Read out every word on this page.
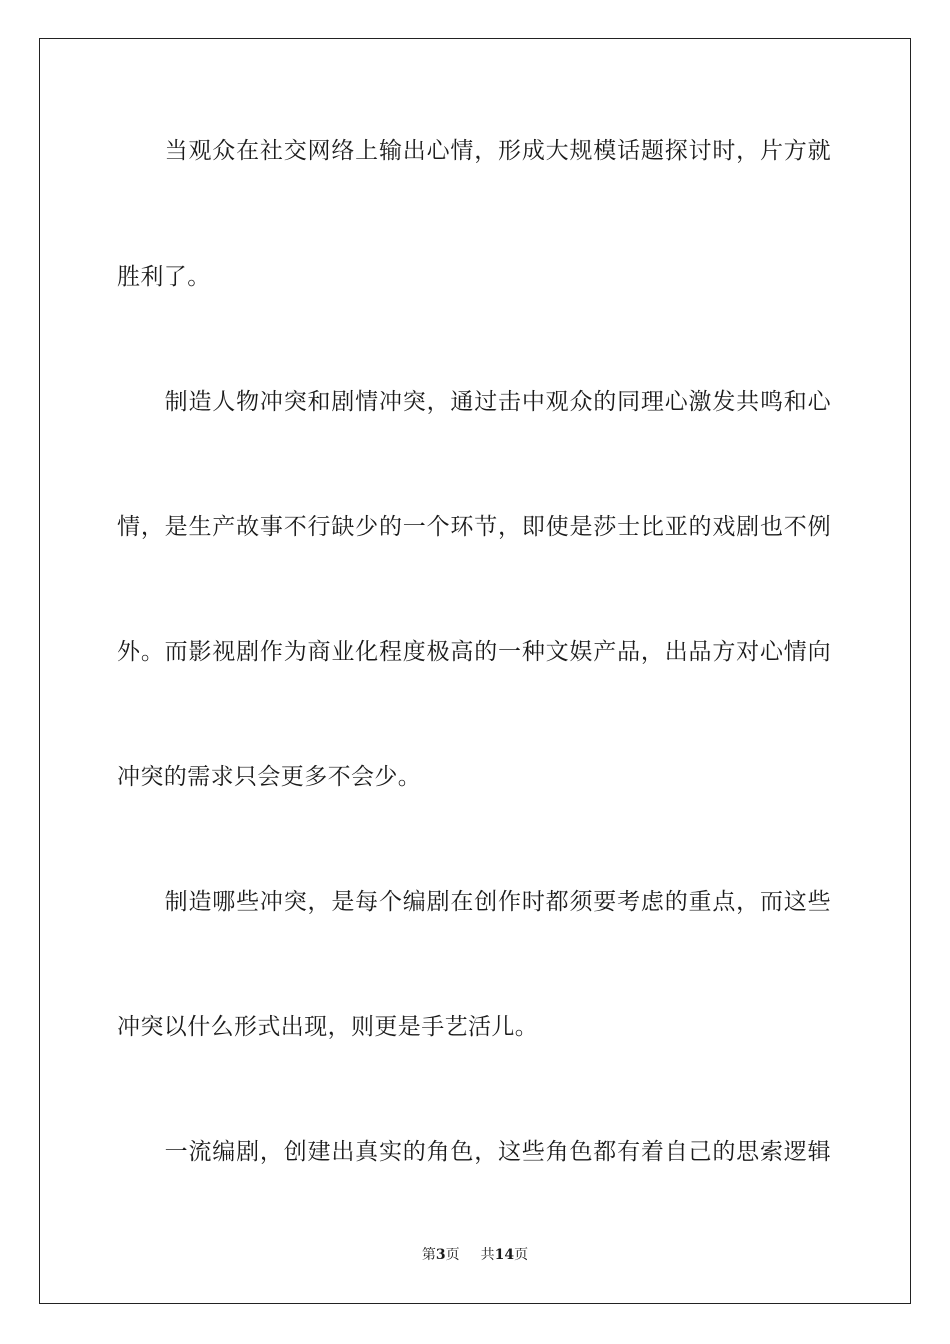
　　当观众在社交网络上输出心情，形成大规模话题探讨时，片方就
胜利了。
　　制造人物冲突和剧情冲突，通过击中观众的同理心激发共鸣和心
情，是生产故事不行缺少的一个环节，即使是莎士比亚的戏剧也不例
外。而影视剧作为商业化程度极高的一种文娱产品，出品方对心情向
冲突的需求只会更多不会少。
　　制造哪些冲突，是每个编剧在创作时都须要考虑的重点，而这些
冲突以什么形式出现，则更是手艺活儿。
　　一流编剧，创建出真实的角色，这些角色都有着自己的思索逻辑
第3页 共14页
